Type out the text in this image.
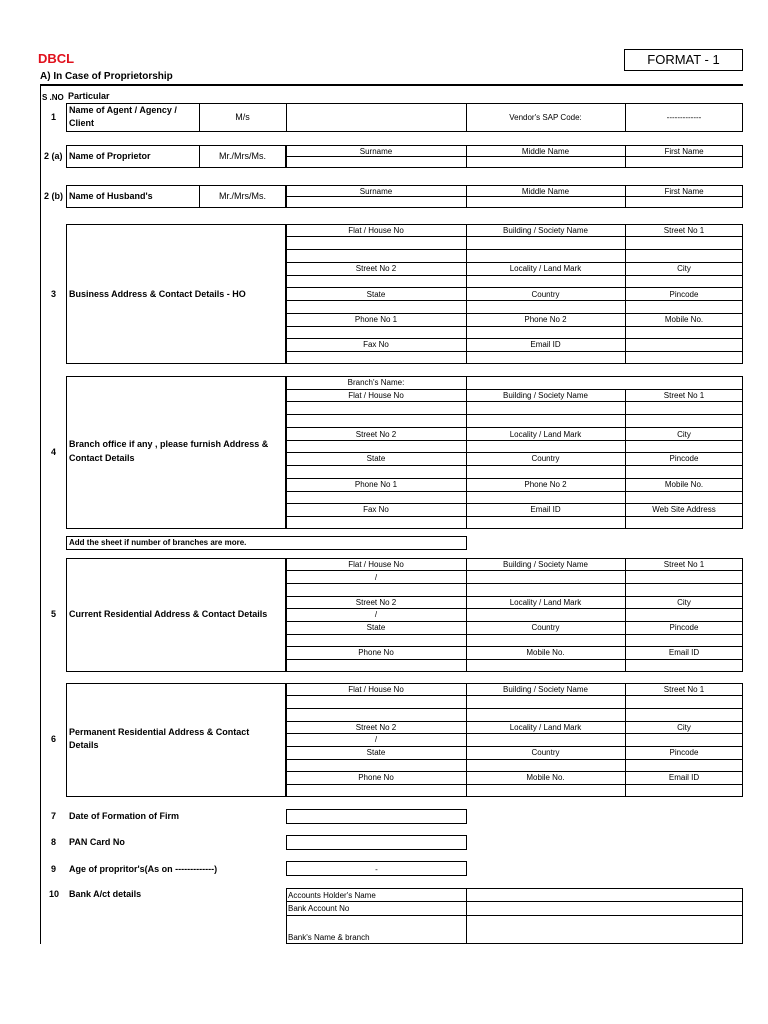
DBCL	FORMAT - 1
A) In Case of Proprietorship
S .NO Particular
1
Name of Agent / Agency /
Client
M/s	Vendor's SAP Code:	-------------
2 (a) Name of Proprietor	Mr./Mrs/Ms.	Surname	Middle Name	First Name
2 (b) Name of Husband's	Mr./Mrs/Ms.	Surname	Middle Name	First Name
3 Business Address & Contact Details - HO
Flat / House No	Building / Society Name	Street No 1
Street No 2	Locality / Land Mark	City
State	Country	Pincode
Phone No 1	Phone No 2	Mobile No.
Fax No	Email ID
4
Branch office if any , please furnish Address &
Contact Details
Branch's Name:
Flat / House No	Building / Society Name	Street No 1
Street No 2	Locality / Land Mark	City
State	Country	Pincode
Phone No 1	Phone No 2	Mobile No.
Fax No	Email ID	Web Site Address
Add the sheet if number of branches are more.
5 Current Residential Address & Contact Details
Flat / House No	Building / Society Name	Street No 1
/
Street No 2	Locality / Land Mark	City
/
State	Country	Pincode
Phone No	Mobile No.	Email ID
6
Permanent Residential Address & Contact
Details
Flat / House No	Building / Society Name	Street No 1
Street No 2	Locality / Land Mark	City
/
State	Country	Pincode
Phone No	Mobile No.	Email ID
7 Date of Formation of Firm
8 PAN Card No
9 Age of propritor's(As on -------------)	-
10 Bank A/ct details	Accounts Holder's Name
Bank Account No
Bank's Name & branch
